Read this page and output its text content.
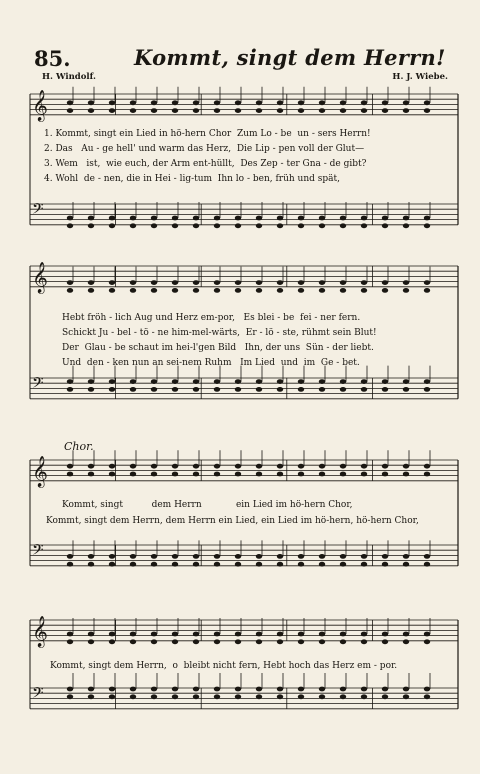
85.	Kommt, singt dem Herrn!
H. Windolf.	H. J. Wiebe.
𝄞
𝄢
𝄞
𝄢
𝄞
𝄢
𝄞
𝄢
1. Kommt, singt ein Lied in hö-hern Chor  Zum Lo - be  un - sers Herrn!
2. Das   Au - ge hell' und warm das Herz,  Die Lip - pen voll der Glut—
3. Wem   ist,  wie euch, der Arm ent-hüllt,  Des Zep - ter Gna - de gibt?
4. Wohl  de - nen, die in Hei - lig-tum  Ihn lo - ben, früh und spät,
Hebt fröh - lich Aug und Herz em-por,   Es blei - be  fei - ner fern.
Schickt Ju - bel - tö - ne him-mel-wärts,  Er - lö - ste, rühmt sein Blut!
Der  Glau - be schaut im hei-l'gen Bild   Ihn, der uns  Sün - der liebt.
Und  den - ken nun an sei-nem Ruhm   Im Lied  und  im  Ge - bet.
Chor.
Kommt, singt          dem Herrn            ein Lied im hö-hern Chor,
Kommt, singt dem Herrn, dem Herrn ein Lied, ein Lied im hö-hern, hö-hern Chor,
Kommt, singt dem Herrn,  o  bleibt nicht fern, Hebt hoch das Herz em - por.
